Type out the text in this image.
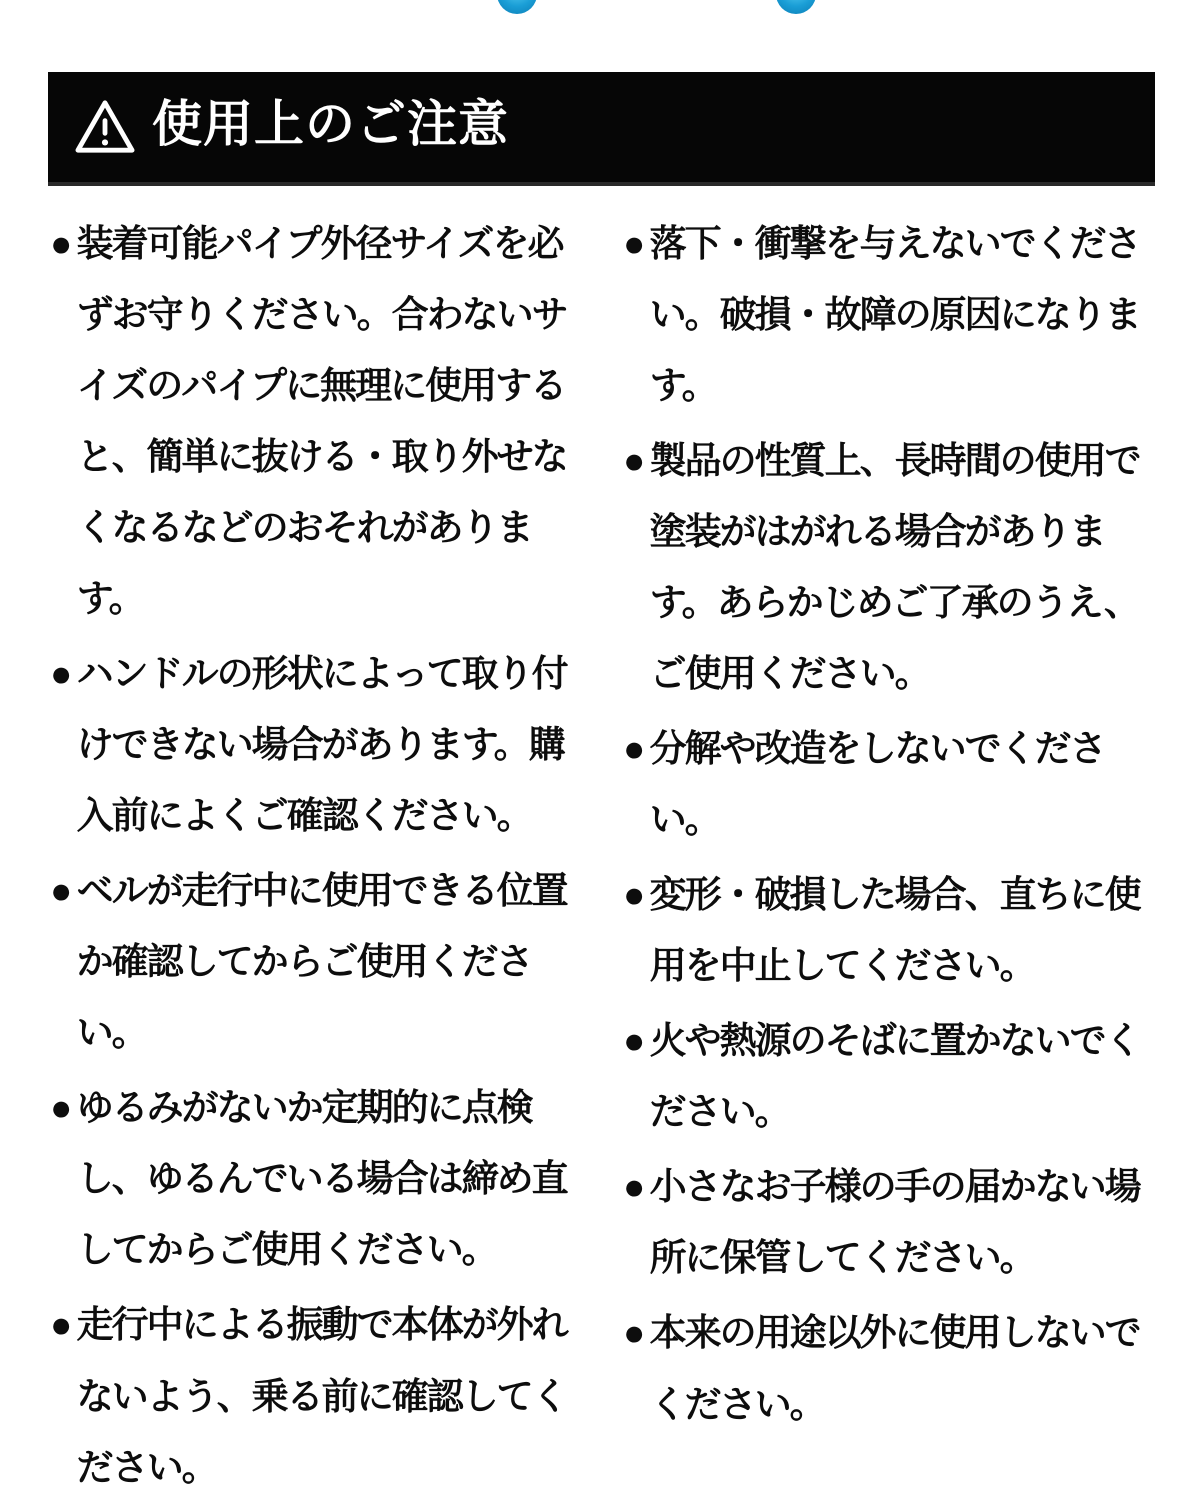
使用上のご注意
● 装着可能パイプ外径サイズを必ずお守りください。合わないサイズのパイプに無理に使用すると、簡単に抜ける・取り外せなくなるなどのおそれがあります。
● ハンドルの形状によって取り付けできない場合があります。購入前によくご確認ください。
● ベルが走行中に使用できる位置か確認してからご使用ください。
● ゆるみがないか定期的に点検し、ゆるんでいる場合は締め直してからご使用ください。
● 走行中による振動で本体が外れないよう、乗る前に確認してください。
● 落下・衝撃を与えないでください。破損・故障の原因になります。
● 製品の性質上、長時間の使用で塗装がはがれる場合があります。あらかじめご了承のうえ、ご使用ください。
● 分解や改造をしないでください。
● 変形・破損した場合、直ちに使用を中止してください。
● 火や熱源のそばに置かないでください。
● 小さなお子様の手の届かない場所に保管してください。
● 本来の用途以外に使用しないでください。
